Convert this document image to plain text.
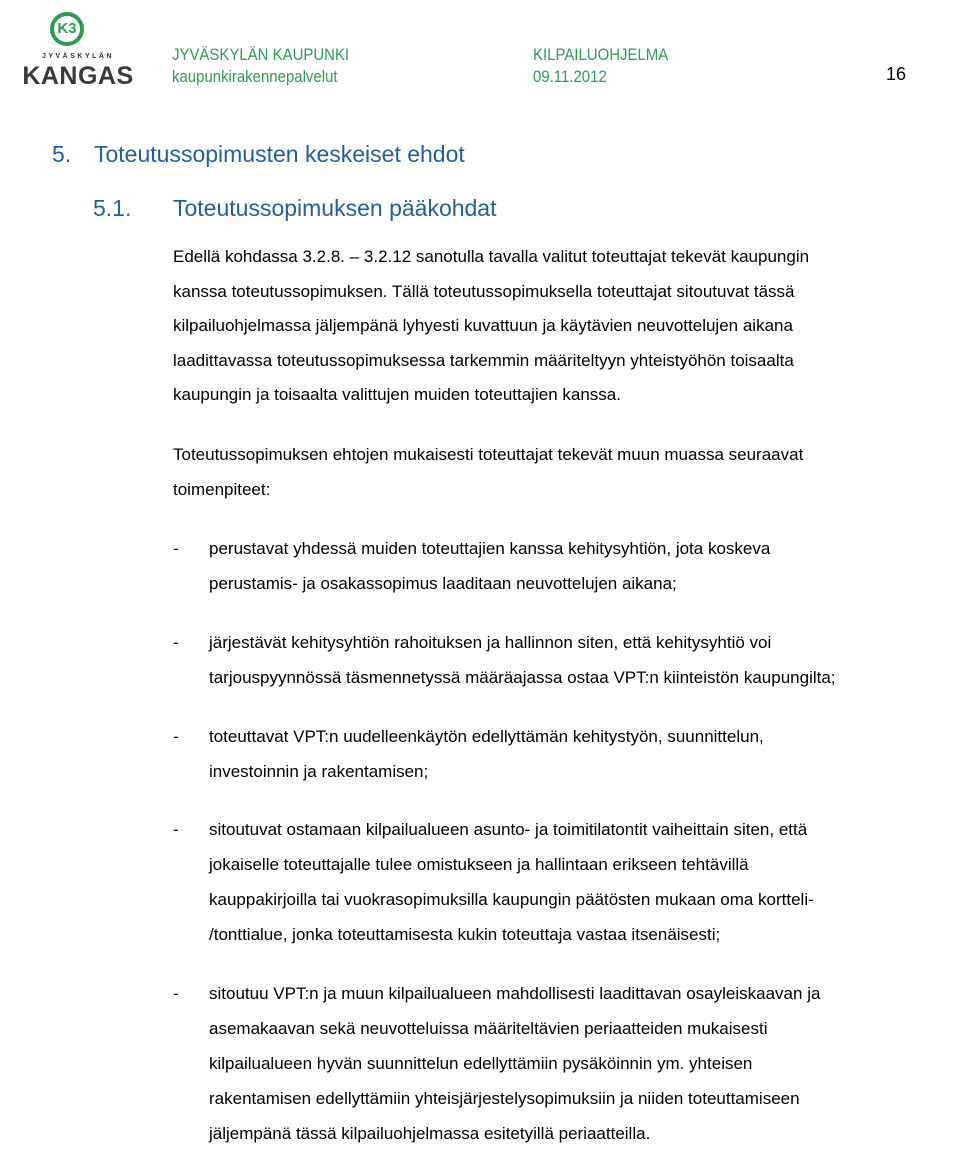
K3
JYVÄSKYLÄN
KANGAS
JYVÄSKYLÄN KAUPUNKI
kaupunkirakennepalvelut
KILPAILUOHJELMA
09.11.2012	16
5. Toteutussopimusten keskeiset ehdot
5.1. Toteutussopimuksen pääkohdat
Edellä kohdassa 3.2.8. – 3.2.12 sanotulla tavalla valitut toteuttajat tekevät kaupungin
kanssa toteutussopimuksen. Tällä toteutussopimuksella toteuttajat sitoutuvat tässä
kilpailuohjelmassa jäljempänä lyhyesti kuvattuun ja käytävien neuvottelujen aikana
laadittavassa toteutussopimuksessa tarkemmin määriteltyyn yhteistyöhön toisaalta
kaupungin ja toisaalta valittujen muiden toteuttajien kanssa.
Toteutussopimuksen ehtojen mukaisesti toteuttajat tekevät muun muassa seuraavat
toimenpiteet:
- perustavat yhdessä muiden toteuttajien kanssa kehitysyhtiön, jota koskeva
perustamis- ja osakassopimus laaditaan neuvottelujen aikana;
- järjestävät kehitysyhtiön rahoituksen ja hallinnon siten, että kehitysyhtiö voi
tarjouspyynnössä täsmennetyssä määräajassa ostaa VPT:n kiinteistön kaupungilta;
- toteuttavat VPT:n uudelleenkäytön edellyttämän kehitystyön, suunnittelun,
investoinnin ja rakentamisen;
- sitoutuvat ostamaan kilpailualueen asunto- ja toimitilatontit vaiheittain siten, että
jokaiselle toteuttajalle tulee omistukseen ja hallintaan erikseen tehtävillä
kauppakirjoilla tai vuokrasopimuksilla kaupungin päätösten mukaan oma kortteli-
/tonttialue, jonka toteuttamisesta kukin toteuttaja vastaa itsenäisesti;
- sitoutuu VPT:n ja muun kilpailualueen mahdollisesti laadittavan osayleiskaavan ja
asemakaavan sekä neuvotteluissa määriteltävien periaatteiden mukaisesti
kilpailualueen hyvän suunnittelun edellyttämiin pysäköinnin ym. yhteisen
rakentamisen edellyttämiin yhteisjärjestelysopimuksiin ja niiden toteuttamiseen
jäljempänä tässä kilpailuohjelmassa esitetyillä periaatteilla.
